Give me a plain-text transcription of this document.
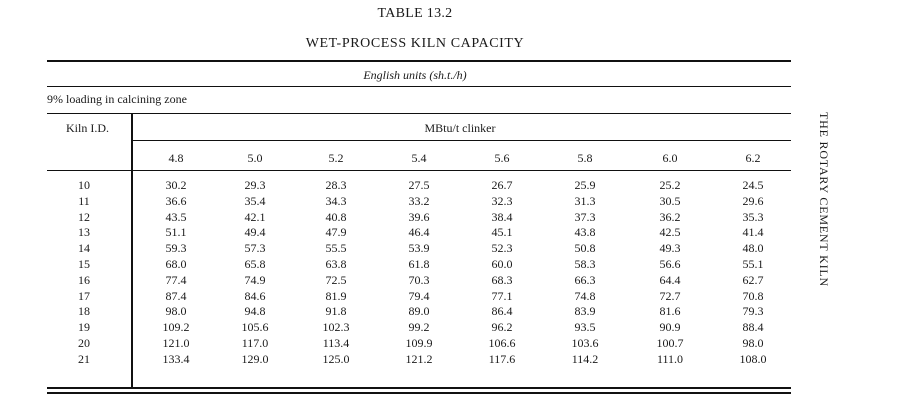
TABLE 13.2
WET-PROCESS KILN CAPACITY
English units (sh.t./h)
9% loading in calcining zone
Kiln I.D.	MBtu/t clinker
4.8	5.0	5.2	5.4	5.6	5.8	6.0	6.2
10	30.2	29.3	28.3	27.5	26.7	25.9	25.2	24.5
11	36.6	35.4	34.3	33.2	32.3	31.3	30.5	29.6
12	43.5	42.1	40.8	39.6	38.4	37.3	36.2	35.3
13	51.1	49.4	47.9	46.4	45.1	43.8	42.5	41.4
14	59.3	57.3	55.5	53.9	52.3	50.8	49.3	48.0
15	68.0	65.8	63.8	61.8	60.0	58.3	56.6	55.1
16	77.4	74.9	72.5	70.3	68.3	66.3	64.4	62.7
17	87.4	84.6	81.9	79.4	77.1	74.8	72.7	70.8
18	98.0	94.8	91.8	89.0	86.4	83.9	81.6	79.3
19	109.2	105.6	102.3	99.2	96.2	93.5	90.9	88.4
20	121.0	117.0	113.4	109.9	106.6	103.6	100.7	98.0
21	133.4	129.0	125.0	121.2	117.6	114.2	111.0	108.0
THE ROTARY CEMENT KILN
